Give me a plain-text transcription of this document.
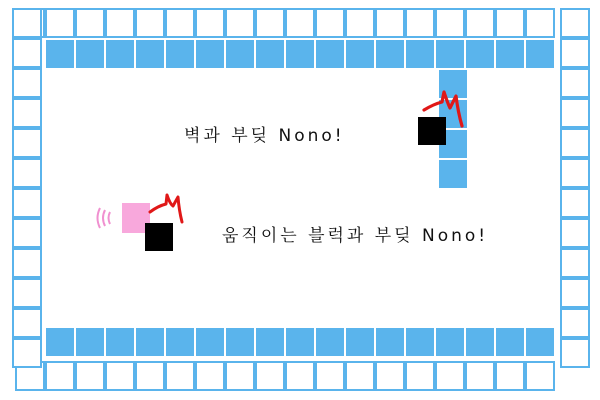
벽과 부딪 Nono!
움직이는 블럭과 부딪 Nono!
